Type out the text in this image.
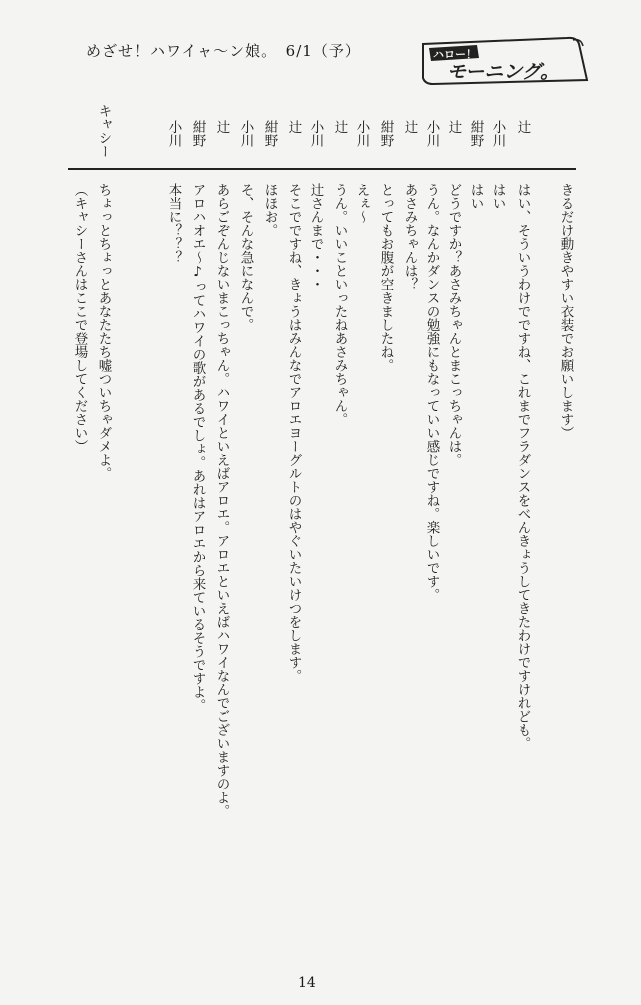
めざせ！ハワイャ〜ン娘。　6/1（予）	ハロー！
モーニング。
辻
小川
紺野
辻
小川
辻
紺野
小川
辻
小川
辻
紺野
小川
辻
紺野
小川
キャシー
きるだけ動きやすい衣装でお願いします）
はい、そういうわけでですね、これまでフラダンスをべんきょうしてきたわけですけれども。
はい
はい
どうですか？あさみちゃんとまこっちゃんは。
うん。なんかダンスの勉強にもなっていい感じですね。楽しいです。
あさみちゃんは？
とってもお腹が空きましたね。
えぇ〜
うん。いいこといったねあさみちゃん。
辻さんまで・・・
そこでですね、きょうはみんなでアロエヨーグルトのはやぐいたいけつをします。
ほほお。
そ、そんな急になんで。
あらごぞんじないまこっちゃん。ハワイといえばアロエ。アロエといえばハワイなんでございますのよ。
アロハオエ〜♪ってハワイの歌があるでしょ。あれはアロエから来ているそうですよ。
本当に？？？
ちょっとちょっとあなたたち嘘ついちゃダメよ。
（キャシーさんはここで登場してください）
14
